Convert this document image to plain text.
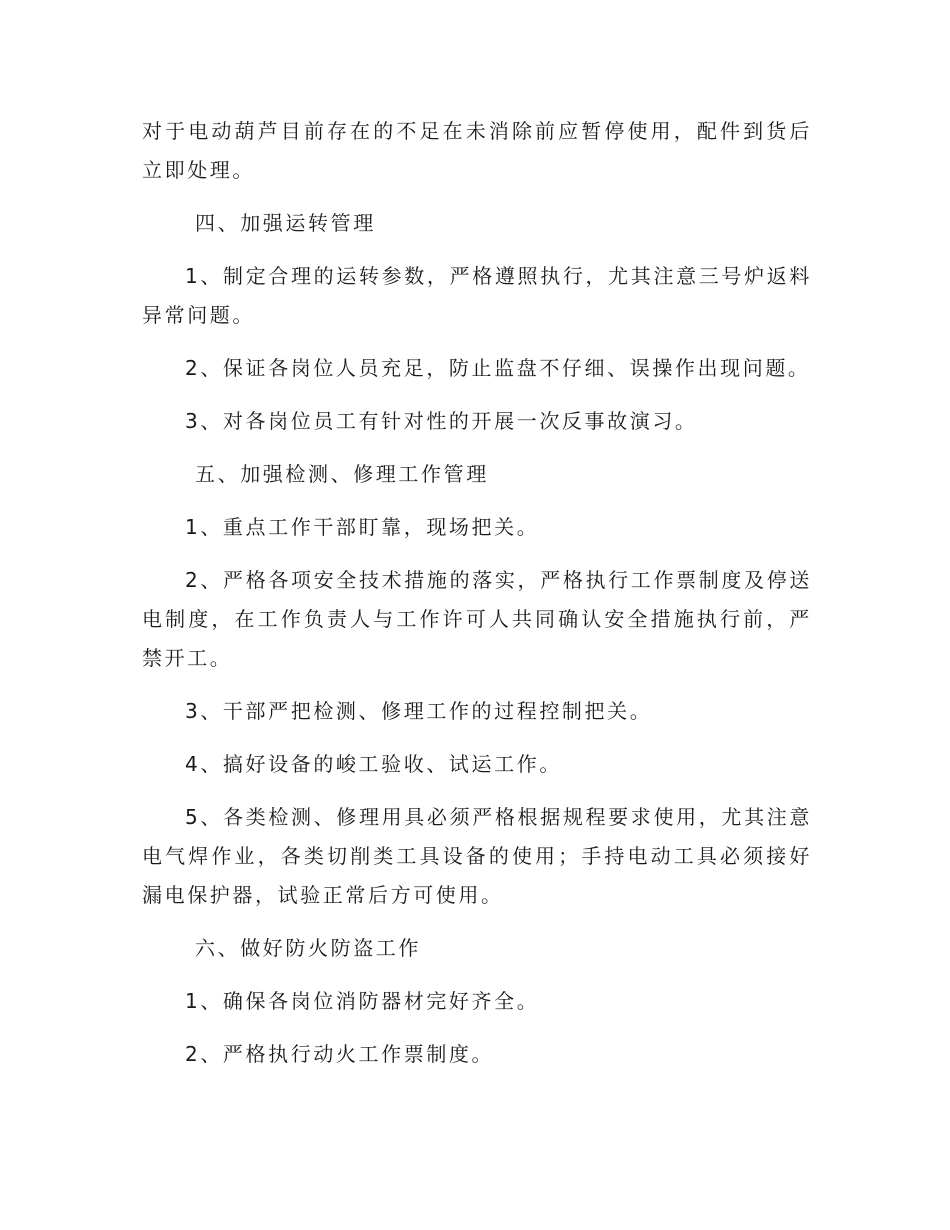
对于电动葫芦目前存在的不足在未消除前应暂停使用，配件到货后立即处理。

四、加强运转管理

1、制定合理的运转参数，严格遵照执行，尤其注意三号炉返料异常问题。

2、保证各岗位人员充足，防止监盘不仔细、误操作出现问题。

3、对各岗位员工有针对性的开展一次反事故演习。

五、加强检测、修理工作管理

1、重点工作干部盯靠，现场把关。

2、严格各项安全技术措施的落实，严格执行工作票制度及停送电制度，在工作负责人与工作许可人共同确认安全措施执行前，严禁开工。

3、干部严把检测、修理工作的过程控制把关。

4、搞好设备的峻工验收、试运工作。

5、各类检测、修理用具必须严格根据规程要求使用，尤其注意电气焊作业，各类切削类工具设备的使用；手持电动工具必须接好漏电保护器，试验正常后方可使用。

六、做好防火防盗工作

1、确保各岗位消防器材完好齐全。

2、严格执行动火工作票制度。
